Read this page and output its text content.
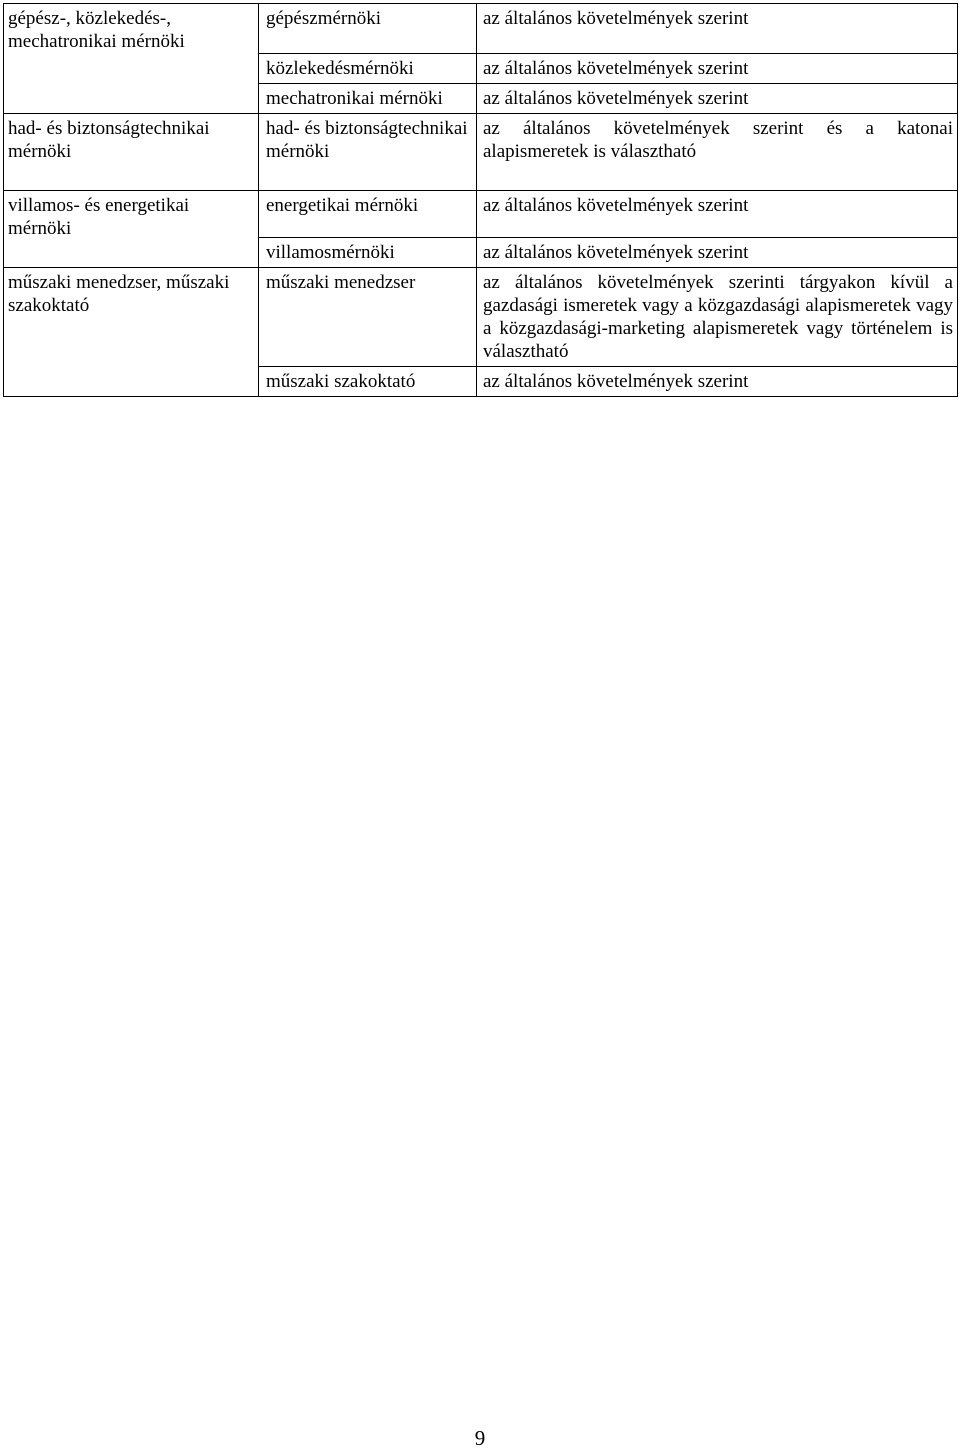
gépész-, közlekedés-, mechatronikai mérnöki	gépészmérnöki	az általános követelmények szerint
	közlekedésmérnöki	az általános követelmények szerint
	mechatronikai mérnöki	az általános követelmények szerint
had- és biztonságtechnikai mérnöki	had- és biztonságtechnikai mérnöki	az általános követelmények szerint és a katonai alapismeretek is választható
villamos- és energetikai mérnöki	energetikai mérnöki	az általános követelmények szerint
	villamosmérnöki	az általános követelmények szerint
műszaki menedzser, műszaki szakoktató	műszaki menedzser	az általános követelmények szerinti tárgyakon kívül a gazdasági ismeretek vagy a közgazdasági alapismeretek vagy a közgazdasági-marketing alapismeretek vagy történelem is választható
	műszaki szakoktató	az általános követelmények szerint
9
